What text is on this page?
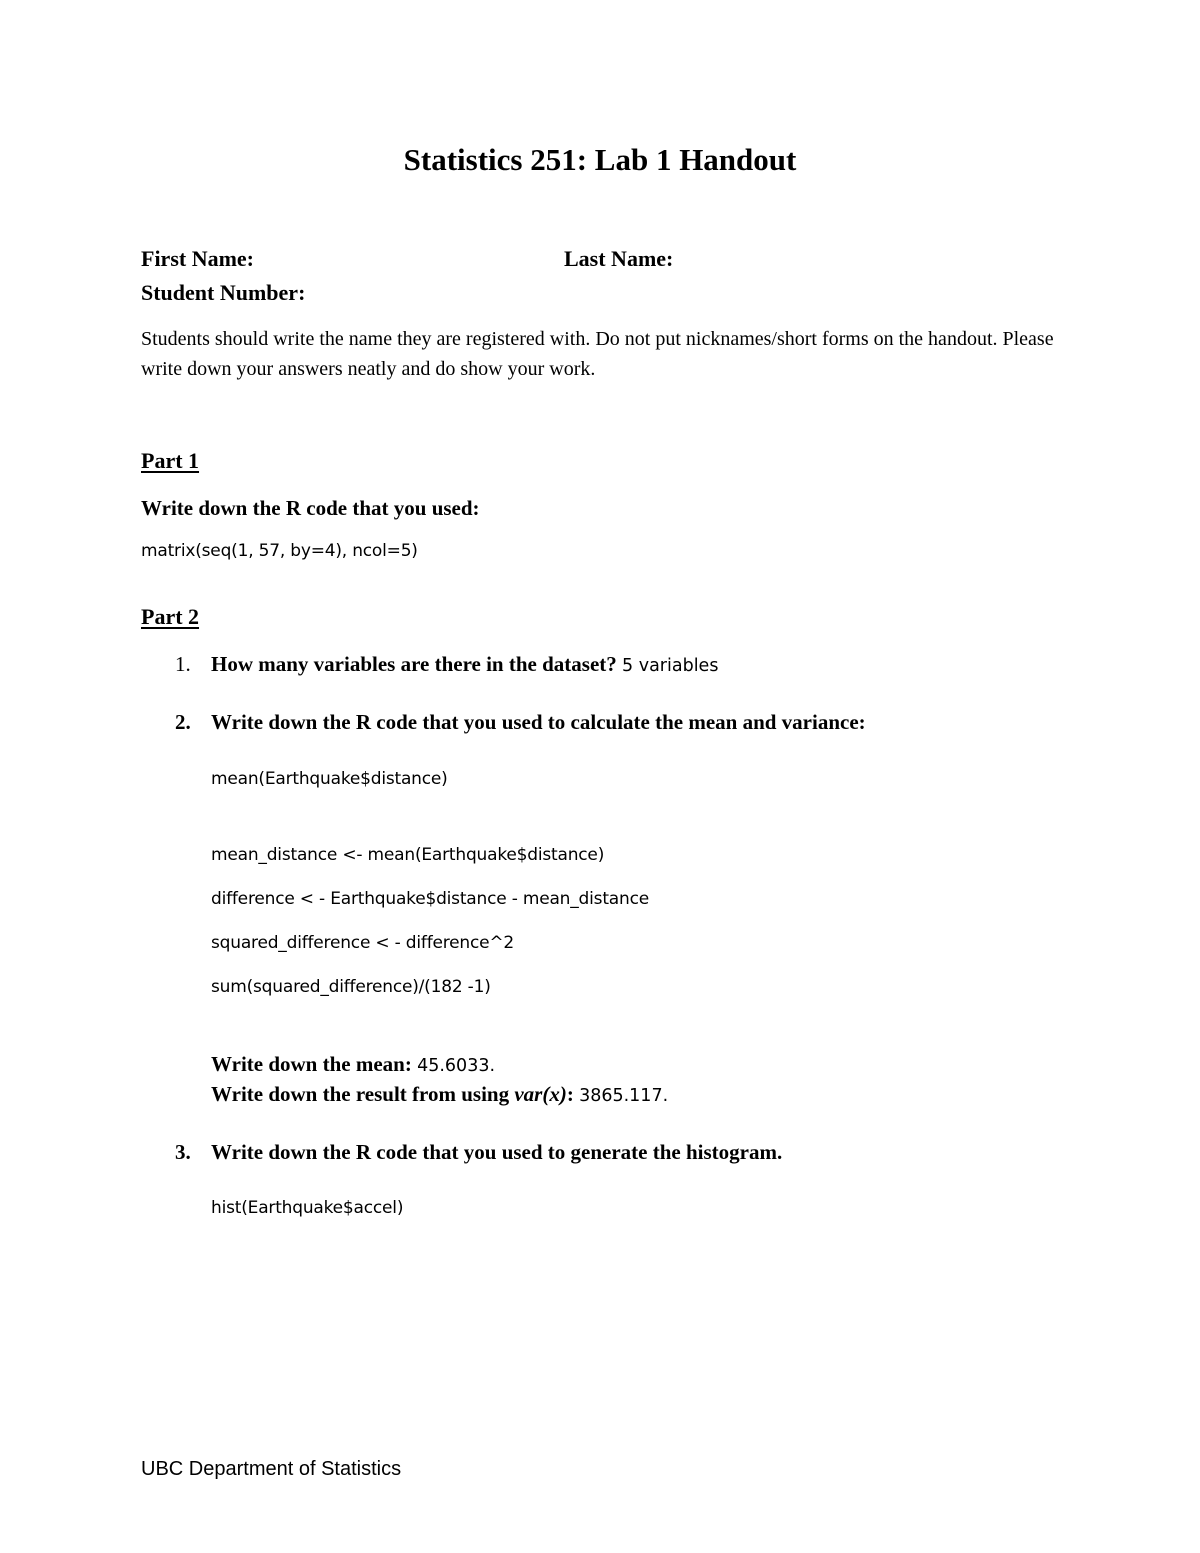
Statistics 251: Lab 1 Handout
First Name:	Last Name:
Student Number:
Students should write the name they are registered with. Do not put nicknames/short forms on the handout. Please write down your answers neatly and do show your work.
Part 1
Write down the R code that you used:
matrix(seq(1, 57, by=4), ncol=5)
Part 2
1. How many variables are there in the dataset? 5 variables
2. Write down the R code that you used to calculate the mean and variance:
mean(Earthquake$distance)
mean_distance <- mean(Earthquake$distance)
difference < - Earthquake$distance - mean_distance
squared_difference < - difference^2
sum(squared_difference)/(182 -1)
Write down the mean: 45.6033.
Write down the result from using var(x): 3865.117.
3. Write down the R code that you used to generate the histogram.
hist(Earthquake$accel)
UBC Department of Statistics
